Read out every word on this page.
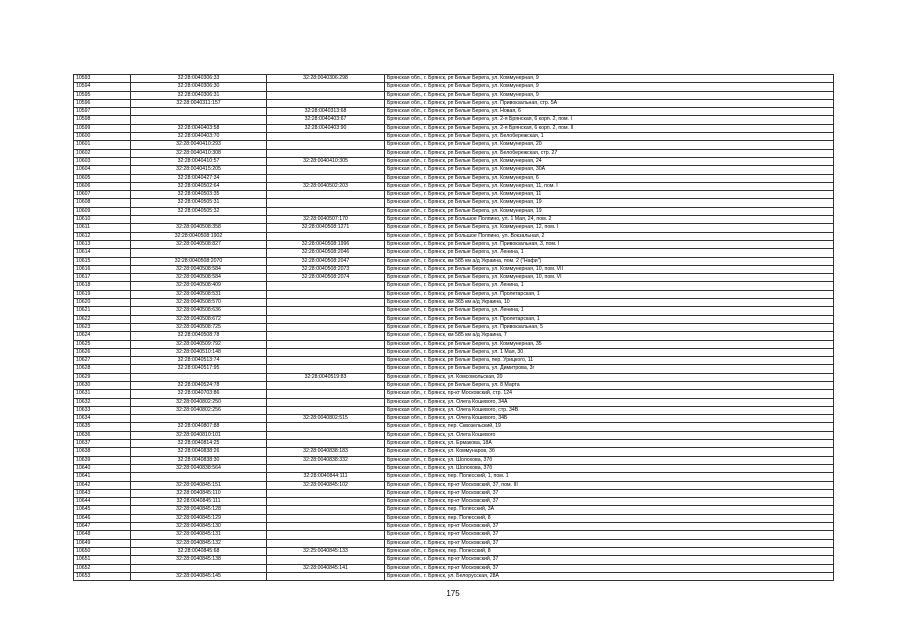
10593	32:28:0040306:33	32:28:0040306:298	Брянская обл., г. Брянск, рп Белые Берега, ул. Коммунерная, 9
10594	32:28:0040306:30		Брянская обл., г. Брянск, рп Белые Берега, ул. Коммунерная, 9
10595	32:28:0040306:31		Брянская обл., г. Брянск, рп Белые Берега, ул. Коммунерная, 9
10596	32:28:0040311:157		Брянская обл., г. Брянск, рп Белые Берега, ул. Привокзальная, стр. 5А
10597		32:28:0040313:68	Брянская обл., г. Брянск, рп Белые Берега, ул. Новая, 6
10598		32:28:0040403:67	Брянская обл., г. Брянск, рп Белые Берега, ул. 2-я Брянская, 6 корп. 2, пом. I
10599	32:28:0040403:58	32:28:0040403:90	Брянская обл., г. Брянск, рп Белые Берега, ул. 2-я Брянская, 6 корп. 2, пом. II
10600	32:28:0040403:70		Брянская обл., г. Брянск, рп Белые Берега, ул. Белобережская, 1
10601	32:28:0040410:293		Брянская обл., г. Брянск, рп Белые Берега, ул. Коммунерная, 20
10602	32:28:0040410:308		Брянская обл., г. Брянск, рп Белые Берега, ул. Белобережская, стр. 27
10603	32:28:0040410:57	32:28:0040410:305	Брянская обл., г. Брянск, рп Белые Берега, ул. Коммунерная, 24
10604	32:28:0040415:205		Брянская обл., г. Брянск, рп Белые Берега, ул. Коммунерная, 30А
10605	32:28:0040427:34		Брянская обл., г. Брянск, рп Белые Берега, ул. Коммунерная, 6
10606	32:28:0040502:64	32:28:0040502:203	Брянская обл., г. Брянск, рп Белые Берега, ул. Коммунерная, 11, пом. I
10607	32:28:0040503:35		Брянская обл., г. Брянск, рп Белые Берега, ул. Коммунерная, 11
10608	32:28:0040505:31		Брянская обл., г. Брянск, рп Белые Берега, ул. Коммунерная, 19
10609	32:28:0040505:32		Брянская обл., г. Брянск, рп Белые Берега, ул. Коммунерная, 19
10610		32:28:0040507:170	Брянская обл., г. Брянск, рп Большое Полпино, ул. 1 Мая, 24, пом. 2
10611	32:28:0040508:358	32:28:0040508:1271	Брянская обл., г. Брянск, рп Белые Берега, ул. Коммунерная, 12, пом. I
10612	32:28:0040508:1902		Брянская обл., г. Брянск, рп Большое Полпино, ул. Вокзальная, 2
10613	32:28:0040508:827	32:28:0040508:1996	Брянская обл., г. Брянск, рп Белые Берега, ул. Привокзальная, 3, пом. I
10614		32:28:0040508:2046	Брянская обл., г. Брянск, рп Белые Берега, ул. Ленина, 1
10615	32:28:0040508:2070	32:28:0040508:2047	Брянская обл., г. Брянск, км 585 км а/д Украина, пом. 2 ("Нафи")
10616	32:28:0040508:584	32:28:0040508:2073	Брянская обл., г. Брянск, рп Белые Берега, ул. Коммунерная, 10, пом. VII
10617	32:28:0040508:584	32:28:0040508:2074	Брянская обл., г. Брянск, рп Белые Берега, ул. Коммунерная, 10, пом. VI
10618	32:28:0040508:409		Брянская обл., г. Брянск, рп Белые Берега, ул. Ленина, 1
10619	32:28:0040508:531		Брянская обл., г. Брянск, рп Белые Берега, ул. Пролетарская, 1
10620	32:28:0040508:570		Брянская обл., г. Брянск, км 365 км а/д Украина, 10
10621	32:28:0040508:636		Брянская обл., г. Брянск, рп Белые Берега, ул. Ленина, 1
10622	32:28:0040508:672		Брянская обл., г. Брянск, рп Белые Берега, ул. Пролетарская, 1
10623	32:28:0040508:725		Брянская обл., г. Брянск, рп Белые Берега, ул. Привокзальная, 5
10624	32:28:0040508:78		Брянская обл., г. Брянск, км 585 км а/д Украина, 7
10625	32:28:0040509:792		Брянская обл., г. Брянск, рп Белые Берега, ул. Коммунерная, 35
10626	32:28:0040510:148		Брянская обл., г. Брянск, рп Белые Берега, ул. 1 Мая, 30
10627	32:28:0040513:74		Брянская обл., г. Брянск, рп Белые Берега, пер. Урицкого, 11
10628	32:28:0040517:95		Брянская обл., г. Брянск, рп Белые Берега, ул. Димитрова, 3г
10629		32:28:0040519:83	Брянская обл., г. Брянск, ул. Комсомольская, 20
10630	32:28:0040524:78		Брянская обл., г. Брянск, рп Белые Берега, ул. 8 Марта
10631	32:28:0040703:86		Брянская обл., г. Брянск, пр-кт Московский, стр. 124
10632	32:28:0040802:250		Брянская обл., г. Брянск, ул. Олега Кошевого, 34А
10633	32:28:0040802:256		Брянская обл., г. Брянск, ул. Олега Кошевого, стр. 34В
10634		32:28:0040802:515	Брянская обл., г. Брянск, ул. Олега Кошевого, 34Б
10635	32:28:0040807:88		Брянская обл., г. Брянск, пер. Сквозельский, 19
10636	32:28:0040810:101		Брянская обл., г. Брянск, ул. Олега Кошевого
10637	32:28:0040814:25		Брянская обл., г. Брянск, ул. Ермакова, 18А
10638	32:28:0040838:26	32:28:0040838:183	Брянская обл., г. Брянск, ул. Коммунаров, 3б
10639	32:28:0040838:30	32:28:0040838:332	Брянская обл., г. Брянск, ул. Шолохова, 37б
10640	32:28:0040838:564		Брянская обл., г. Брянск, ул. Шолохова, 37б
10641		32:28:0040844:111	Брянская обл., г. Брянск, пер. Полесский, 1, пом. 1
10642	32:28:0040845:151	32:28:0040845:102	Брянская обл., г. Брянск, пр-кт Московский, 37, пом. III
10643	32:28:0040845:110		Брянская обл., г. Брянск, пр-кт Московский, 37
10644	32:28:0040845:111		Брянская обл., г. Брянск, пр-кт Московский, 37
10645	32:28:0040845:128		Брянская обл., г. Брянск, пер. Полесский, 3А
10646	32:28:0040845:129		Брянская обл., г. Брянск, пер. Полесский, 8
10647	32:28:0040845:130		Брянская обл., г. Брянск, пр-кт Московский, 37
10648	32:28:0040845:131		Брянская обл., г. Брянск, пр-кт Московский, 37
10649	32:28:0040845:132		Брянская обл., г. Брянск, пр-кт Московский, 37
10650	32:28:0040845:68	32:25:0040845:133	Брянская обл., г. Брянск, пер. Полесский, 8
10651	32:28:0040845:138		Брянская обл., г. Брянск, пр-кт Московский, 37
10652		32:28:0040845:141	Брянская обл., г. Брянск, пр-кт Московский, 37
10653	32:28:0040845:145		Брянская обл., г. Брянск, ул. Белорусская, 28А
175
